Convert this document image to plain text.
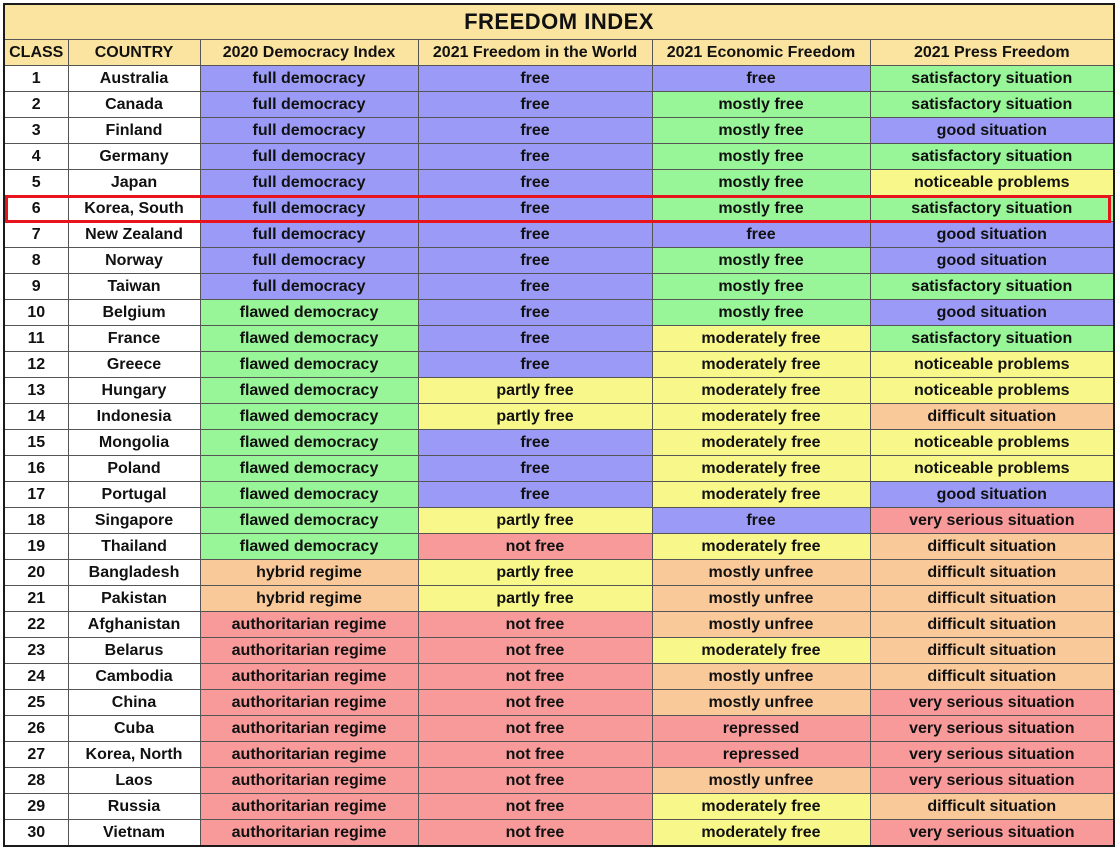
FREEDOM INDEX					
CLASS	COUNTRY	2020 Democracy Index	2021 Freedom in the World	2021 Economic Freedom	2021 Press Freedom
1	Australia	full democracy	free	free	satisfactory situation
2	Canada	full democracy	free	mostly free	satisfactory situation
3	Finland	full democracy	free	mostly free	good situation
4	Germany	full democracy	free	mostly free	satisfactory situation
5	Japan	full democracy	free	mostly free	noticeable problems
6	Korea, South	full democracy	free	mostly free	satisfactory situation
7	New Zealand	full democracy	free	free	good situation
8	Norway	full democracy	free	mostly free	good situation
9	Taiwan	full democracy	free	mostly free	satisfactory situation
10	Belgium	flawed democracy	free	mostly free	good situation
11	France	flawed democracy	free	moderately free	satisfactory situation
12	Greece	flawed democracy	free	moderately free	noticeable problems
13	Hungary	flawed democracy	partly free	moderately free	noticeable problems
14	Indonesia	flawed democracy	partly free	moderately free	difficult situation
15	Mongolia	flawed democracy	free	moderately free	noticeable problems
16	Poland	flawed democracy	free	moderately free	noticeable problems
17	Portugal	flawed democracy	free	moderately free	good situation
18	Singapore	flawed democracy	partly free	free	very serious situation
19	Thailand	flawed democracy	not free	moderately free	difficult situation
20	Bangladesh	hybrid regime	partly free	mostly unfree	difficult situation
21	Pakistan	hybrid regime	partly free	mostly unfree	difficult situation
22	Afghanistan	authoritarian regime	not free	mostly unfree	difficult situation
23	Belarus	authoritarian regime	not free	moderately free	difficult situation
24	Cambodia	authoritarian regime	not free	mostly unfree	difficult situation
25	China	authoritarian regime	not free	mostly unfree	very serious situation
26	Cuba	authoritarian regime	not free	repressed	very serious situation
27	Korea, North	authoritarian regime	not free	repressed	very serious situation
28	Laos	authoritarian regime	not free	mostly unfree	very serious situation
29	Russia	authoritarian regime	not free	moderately free	difficult situation
30	Vietnam	authoritarian regime	not free	moderately free	very serious situation
